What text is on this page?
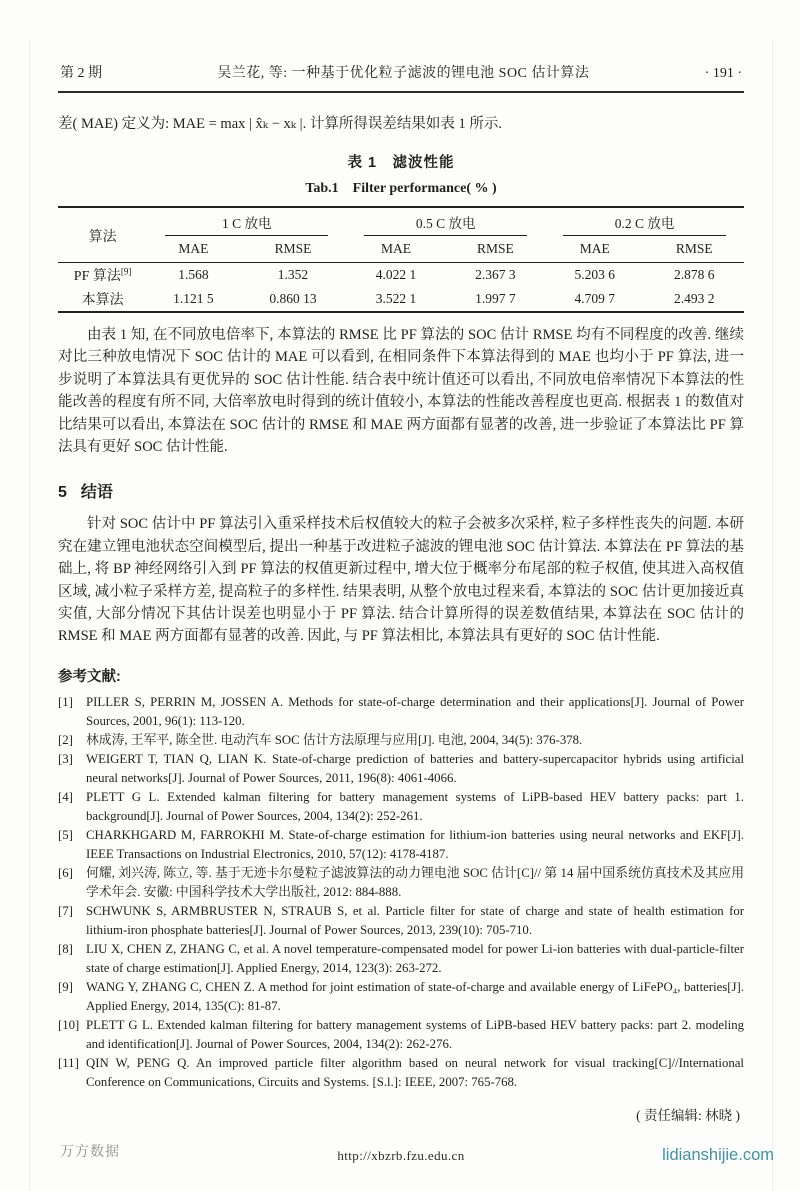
第 2 期	吴兰花, 等: 一种基于优化粒子滤波的锂电池 SOC 估计算法	· 191 ·
差( MAE) 定义为: MAE = max | x̂ₖ − xₖ |. 计算所得误差结果如表 1 所示.
表 1　滤波性能
Tab.1　Filter performance( % )
算法	1 C 放电		0.5 C 放电		0.2 C 放电	

	MAE	RMSE	MAE	RMSE	MAE	RMSE
PF 算法[9]	1.568	1.352	4.022 1	2.367 3	5.203 6	2.878 6
本算法	1.121 5	0.860 13	3.522 1	1.997 7	4.709 7	2.493 2
由表 1 知, 在不同放电倍率下, 本算法的 RMSE 比 PF 算法的 SOC 估计 RMSE 均有不同程度的改善. 继续对比三种放电情况下 SOC 估计的 MAE 可以看到, 在相同条件下本算法得到的 MAE 也均小于 PF 算法, 进一步说明了本算法具有更优异的 SOC 估计性能. 结合表中统计值还可以看出, 不同放电倍率情况下本算法的性能改善的程度有所不同, 大倍率放电时得到的统计值较小, 本算法的性能改善程度也更高. 根据表 1 的数值对比结果可以看出, 本算法在 SOC 估计的 RMSE 和 MAE 两方面都有显著的改善, 进一步验证了本算法比 PF 算法具有更好 SOC 估计性能.
5 结语
针对 SOC 估计中 PF 算法引入重采样技术后权值较大的粒子会被多次采样, 粒子多样性丧失的问题. 本研究在建立锂电池状态空间模型后, 提出一种基于改进粒子滤波的锂电池 SOC 估计算法. 本算法在 PF 算法的基础上, 将 BP 神经网络引入到 PF 算法的权值更新过程中, 增大位于概率分布尾部的粒子权值, 使其进入高权值区域, 减小粒子采样方差, 提高粒子的多样性. 结果表明, 从整个放电过程来看, 本算法的 SOC 估计更加接近真实值, 大部分情况下其估计误差也明显小于 PF 算法. 结合计算所得的误差数值结果, 本算法在 SOC 估计的 RMSE 和 MAE 两方面都有显著的改善. 因此, 与 PF 算法相比, 本算法具有更好的 SOC 估计性能.
参考文献:
[1] PILLER S, PERRIN M, JOSSEN A. Methods for state-of-charge determination and their applications[J]. Journal of Power Sources, 2001, 96(1): 113-120.
[2] 林成涛, 王军平, 陈全世. 电动汽车 SOC 估计方法原理与应用[J]. 电池, 2004, 34(5): 376-378.
[3] WEIGERT T, TIAN Q, LIAN K. State-of-charge prediction of batteries and battery-supercapacitor hybrids using artificial neural networks[J]. Journal of Power Sources, 2011, 196(8): 4061-4066.
[4] PLETT G L. Extended kalman filtering for battery management systems of LiPB-based HEV battery packs: part 1. background[J]. Journal of Power Sources, 2004, 134(2): 252-261.
[5] CHARKHGARD M, FARROKHI M. State-of-charge estimation for lithium-ion batteries using neural networks and EKF[J]. IEEE Transactions on Industrial Electronics, 2010, 57(12): 4178-4187.
[6] 何耀, 刘兴涛, 陈立, 等. 基于无迹卡尔曼粒子滤波算法的动力锂电池 SOC 估计[C]// 第 14 届中国系统仿真技术及其应用学术年会. 安徽: 中国科学技术大学出版社, 2012: 884-888.
[7] SCHWUNK S, ARMBRUSTER N, STRAUB S, et al. Particle filter for state of charge and state of health estimation for lithium-iron phosphate batteries[J]. Journal of Power Sources, 2013, 239(10): 705-710.
[8] LIU X, CHEN Z, ZHANG C, et al. A novel temperature-compensated model for power Li-ion batteries with dual-particle-filter state of charge estimation[J]. Applied Energy, 2014, 123(3): 263-272.
[9] WANG Y, ZHANG C, CHEN Z. A method for joint estimation of state-of-charge and available energy of LiFePO₄, batteries[J]. Applied Energy, 2014, 135(C): 81-87.
[10] PLETT G L. Extended kalman filtering for battery management systems of LiPB-based HEV battery packs: part 2. modeling and identification[J]. Journal of Power Sources, 2004, 134(2): 262-276.
[11] QIN W, PENG Q. An improved particle filter algorithm based on neural network for visual tracking[C]//International Conference on Communications, Circuits and Systems. [S.l.]: IEEE, 2007: 765-768.
( 责任编辑: 林晓 )
http://xbzrb.fzu.edu.cn
万方数据	lidianshijie.com
